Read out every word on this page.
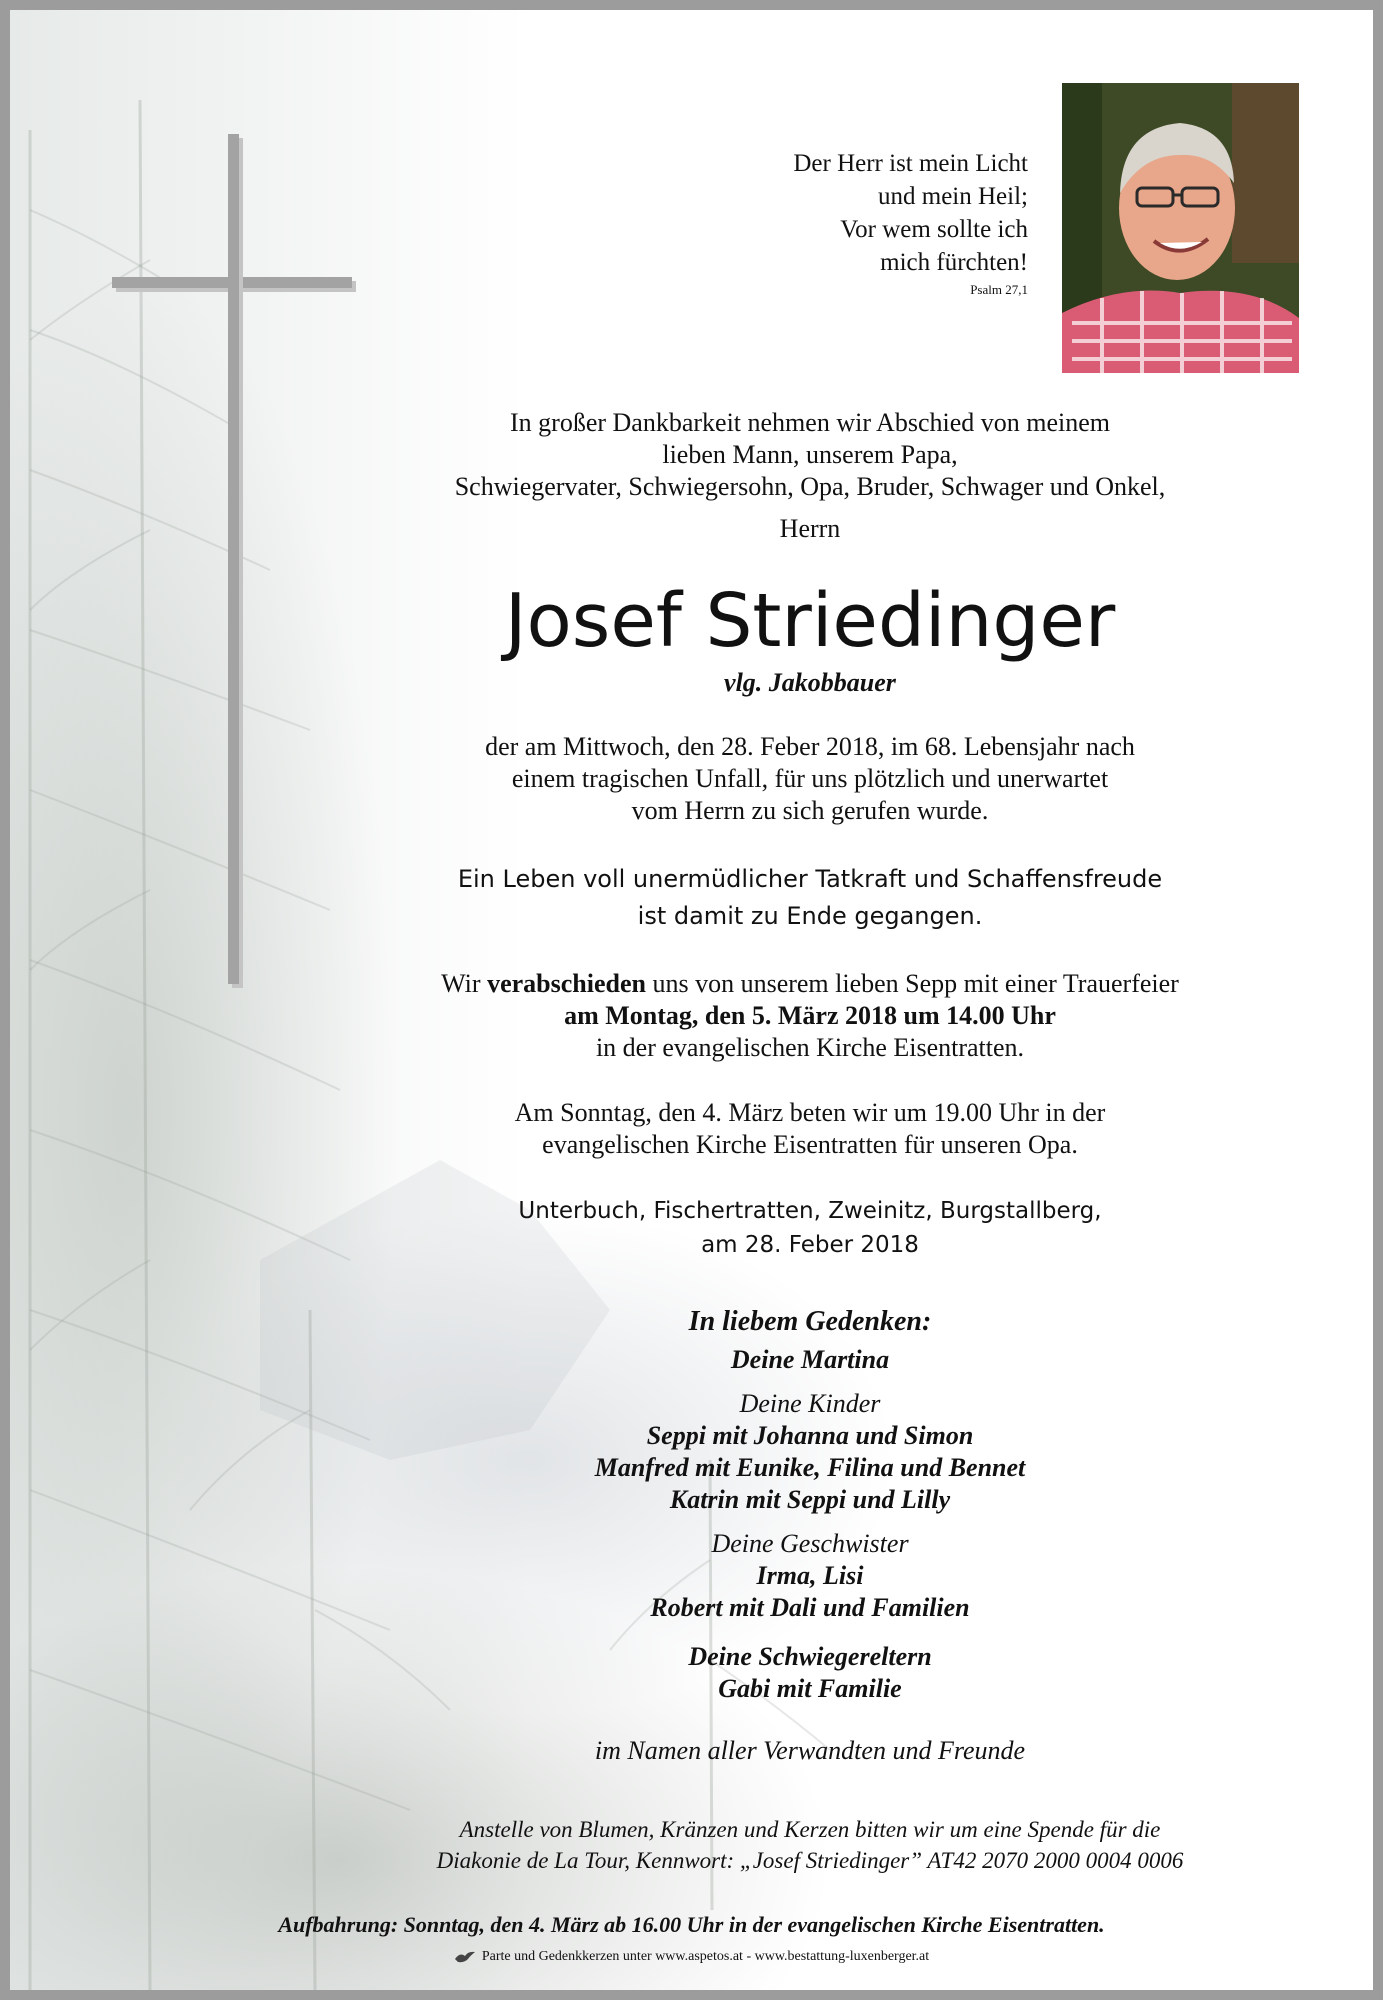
Der Herr ist mein Licht
und mein Heil;
Vor wem sollte ich
mich fürchten!
Psalm 27,1
In großer Dankbarkeit nehmen wir Abschied von meinem
lieben Mann, unserem Papa,
Schwiegervater, Schwiegersohn, Opa, Bruder, Schwager und Onkel,
Herrn
Josef Striedinger
vlg. Jakobbauer
der am Mittwoch, den 28. Feber 2018, im 68. Lebensjahr nach
einem tragischen Unfall, für uns plötzlich und unerwartet
vom Herrn zu sich gerufen wurde.
Ein Leben voll unermüdlicher Tatkraft und Schaffensfreude
ist damit zu Ende gegangen.
Wir verabschieden uns von unserem lieben Sepp mit einer Trauerfeier
am Montag, den 5. März 2018 um 14.00 Uhr
in der evangelischen Kirche Eisentratten.
Am Sonntag, den 4. März beten wir um 19.00 Uhr in der
evangelischen Kirche Eisentratten für unseren Opa.
Unterbuch, Fischertratten, Zweinitz, Burgstallberg,
am 28. Feber 2018
In liebem Gedenken:
Deine Martina
Deine Kinder
Seppi mit Johanna und Simon
Manfred mit Eunike, Filina und Bennet
Katrin mit Seppi und Lilly
Deine Geschwister
Irma, Lisi
Robert mit Dali und Familien
Deine Schwiegereltern
Gabi mit Familie
im Namen aller Verwandten und Freunde
Anstelle von Blumen, Kränzen und Kerzen bitten wir um eine Spende für die
Diakonie de La Tour, Kennwort: „Josef Striedinger” AT42 2070 2000 0004 0006
Aufbahrung: Sonntag, den 4. März ab 16.00 Uhr in der evangelischen Kirche Eisentratten.
Parte und Gedenkkerzen unter www.aspetos.at - www.bestattung-luxenberger.at
